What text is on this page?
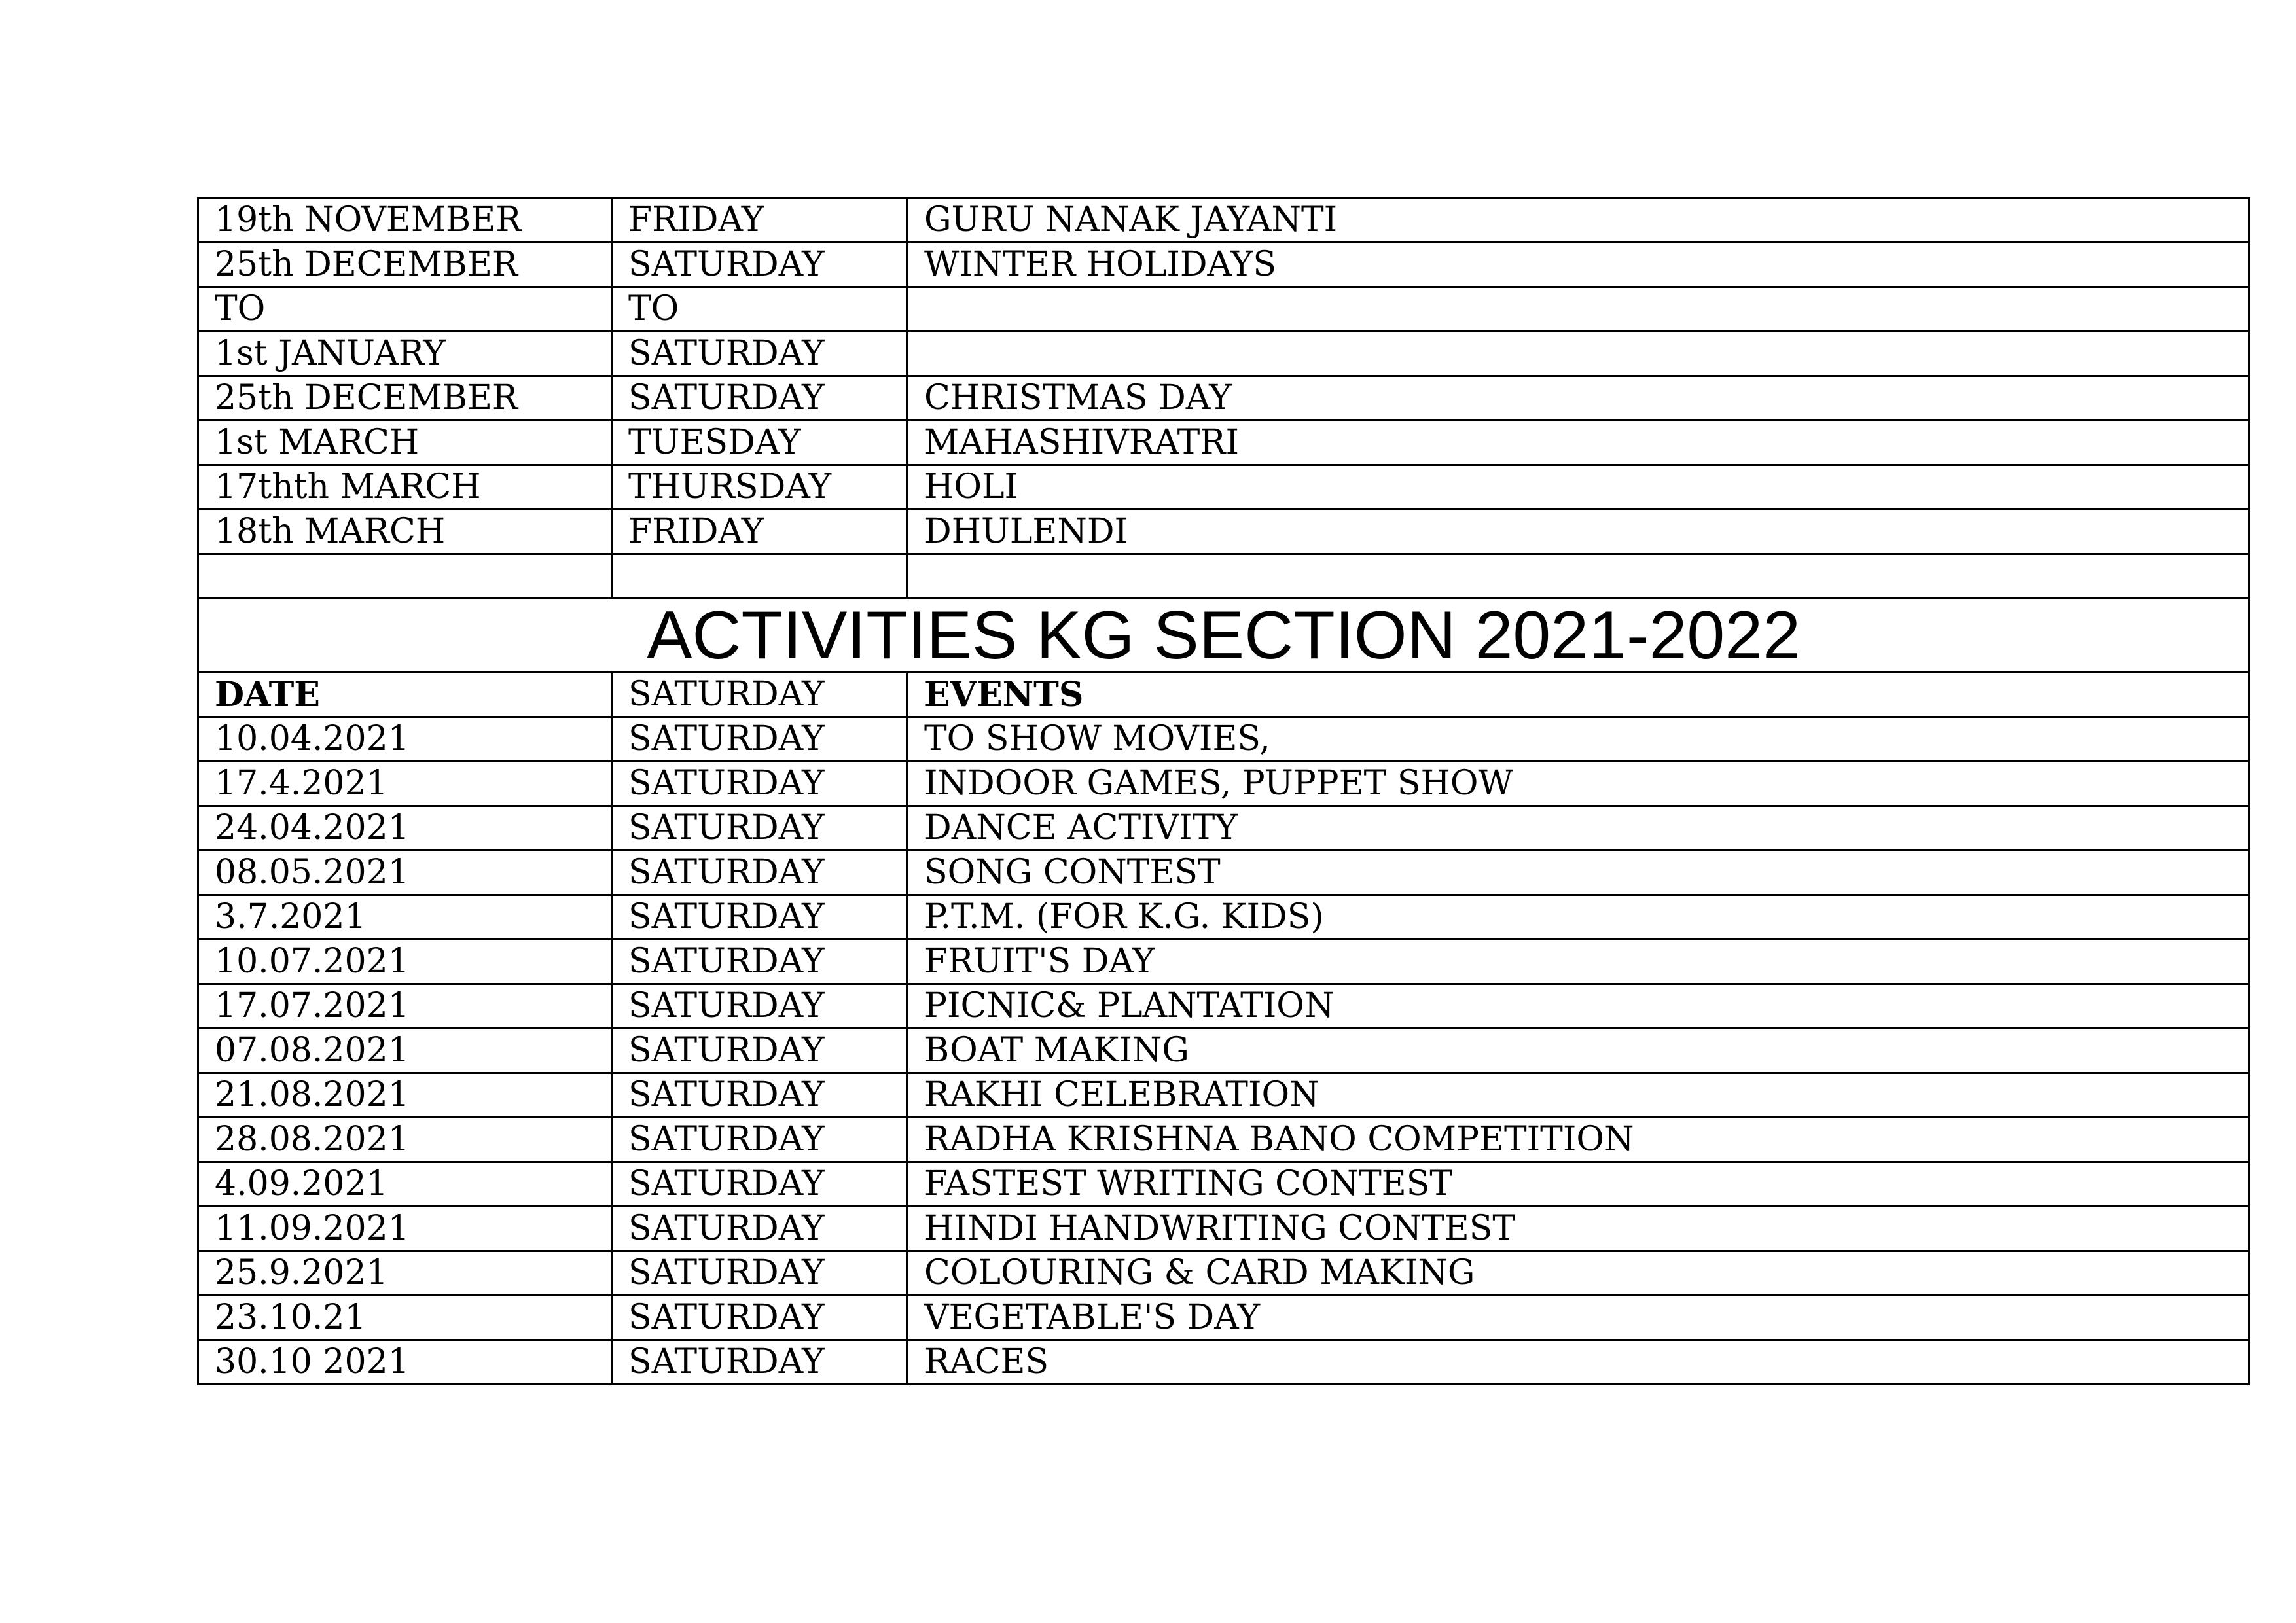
19th NOVEMBER	FRIDAY	GURU NANAK JAYANTI
25th DECEMBER	SATURDAY	WINTER HOLIDAYS
TO	TO	
1st JANUARY	SATURDAY	
25th DECEMBER	SATURDAY	CHRISTMAS DAY
1st MARCH	TUESDAY	MAHASHIVRATRI
17thth MARCH	THURSDAY	HOLI
18th MARCH	FRIDAY	DHULENDI

ACTIVITIES KG SECTION 2021-2022		
DATE	SATURDAY	EVENTS
10.04.2021	SATURDAY	TO SHOW MOVIES,
17.4.2021	SATURDAY	INDOOR GAMES, PUPPET SHOW
24.04.2021	SATURDAY	DANCE ACTIVITY
08.05.2021	SATURDAY	SONG CONTEST
3.7.2021	SATURDAY	P.T.M. (FOR K.G. KIDS)
10.07.2021	SATURDAY	FRUIT'S DAY
17.07.2021	SATURDAY	PICNIC& PLANTATION
07.08.2021	SATURDAY	BOAT MAKING
21.08.2021	SATURDAY	RAKHI CELEBRATION
28.08.2021	SATURDAY	RADHA KRISHNA BANO COMPETITION
4.09.2021	SATURDAY	FASTEST WRITING CONTEST
11.09.2021	SATURDAY	HINDI HANDWRITING CONTEST
25.9.2021	SATURDAY	COLOURING & CARD MAKING
23.10.21	SATURDAY	VEGETABLE'S DAY
30.10 2021	SATURDAY	RACES
